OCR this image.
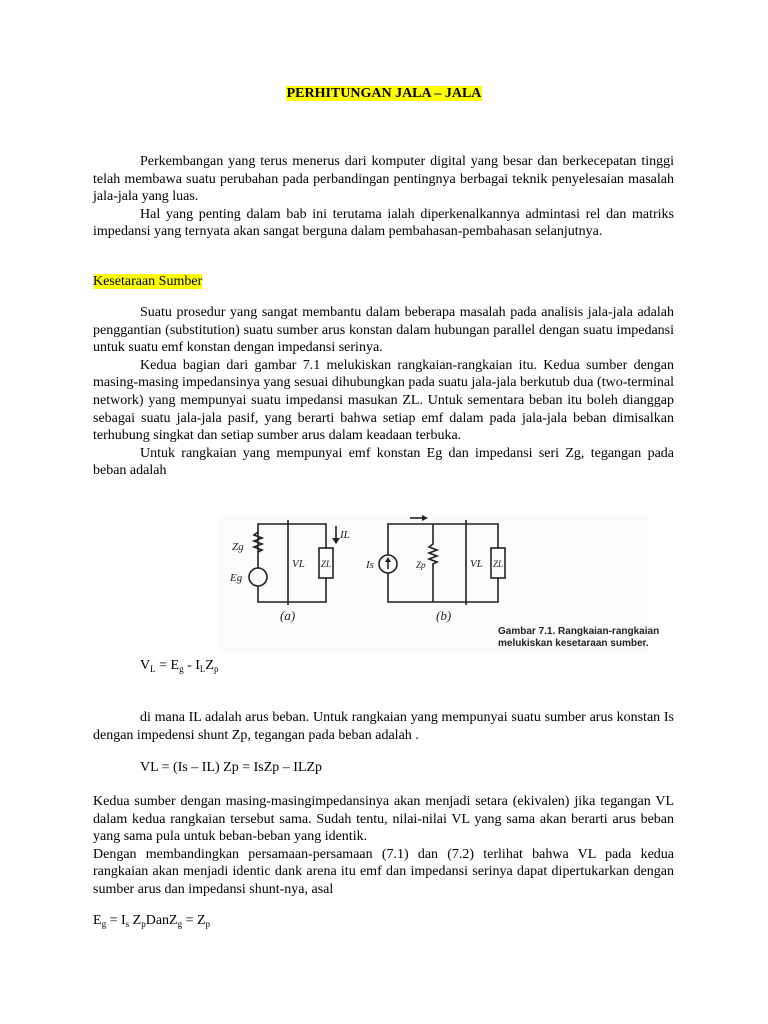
PERHITUNGAN JALA – JALA

Perkembangan yang terus menerus dari komputer digital yang besar dan berkecepatan tinggi telah membawa suatu perubahan pada perbandingan pentingnya berbagai teknik penyelesaian masalah jala-jala yang luas.

Hal yang penting dalam bab ini terutama ialah diperkenalkannya admintasi rel dan matriks impedansi yang ternyata akan sangat berguna dalam pembahasan-pembahasan selanjutnya.

Kesetaraan Sumber

Suatu prosedur yang sangat membantu dalam beberapa masalah pada analisis jala-jala adalah penggantian (substitution) suatu sumber arus konstan dalam hubungan parallel dengan suatu impedansi untuk suatu emf konstan dengan impedansi serinya.

Kedua bagian dari gambar 7.1 melukiskan rangkaian-rangkaian itu. Kedua sumber dengan masing-masing impedansinya yang sesuai dihubungkan pada suatu jala-jala berkutub dua (two-terminal network) yang mempunyai suatu impedansi masukan ZL. Untuk sementara beban itu boleh dianggap sebagai suatu jala-jala pasif, yang berarti bahwa setiap emf dalam pada jala-jala beban dimisalkan terhubung singkat dan setiap sumber arus dalam keadaan terbuka.

Untuk rangkaian yang mempunyai emf konstan Eg dan impedansi seri Zg, tegangan pada beban adalah

Zg
Eg
VL ZL
IL
Is	Zp	VL ZL
(a)	(b)
Gambar 7.1. Rangkaian-rangkaian
melukiskan kesetaraan sumber.
$V_L = E_g - I_LZ_p$

di mana IL adalah arus beban. Untuk rangkaian yang mempunyai suatu sumber arus konstan Is dengan impedensi shunt Zp, tegangan pada beban adalah .

VL = (Is – IL) Zp = IsZp – ILZp

Kedua sumber dengan masing-masingimpedansinya akan menjadi setara (ekivalen) jika tegangan VL dalam kedua rangkaian tersebut sama. Sudah tentu, nilai-nilai VL yang sama akan berarti arus beban yang sama pula untuk beban-beban yang identik.

Dengan membandingkan persamaan-persamaan (7.1) dan (7.2) terlihat bahwa VL pada kedua rangkaian akan menjadi identic dank arena itu emf dan impedansi serinya dapat dipertukarkan dengan sumber arus dan impedansi shunt-nya, asal

$E_g = I_s$ $Z_pDanZ_g = Z_p$
